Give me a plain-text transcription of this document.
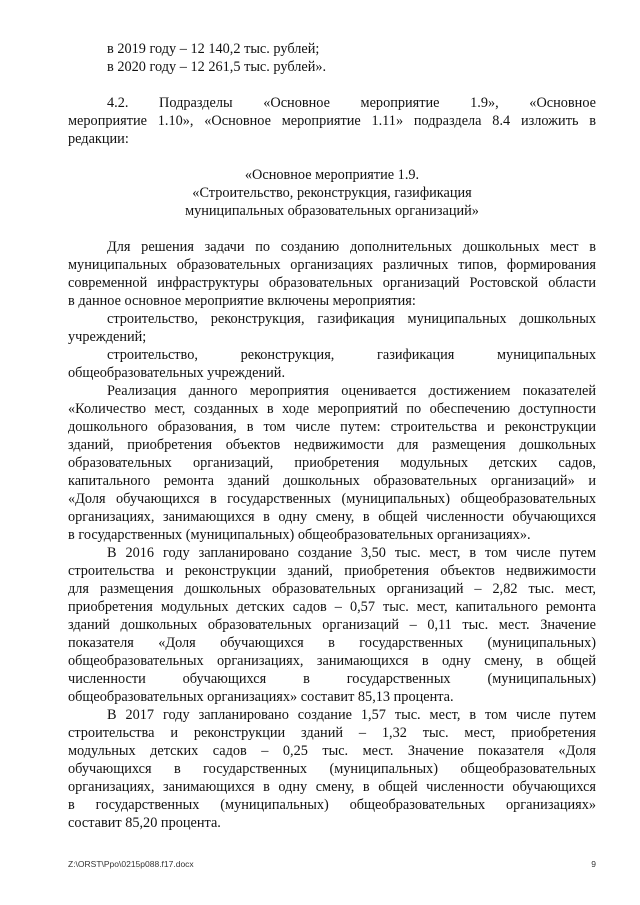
в 2019 году – 12 140,2 тыс. рублей;
в 2020 году – 12 261,5 тыс. рублей».
4.2. Подразделы «Основное мероприятие 1.9», «Основное
мероприятие 1.10», «Основное мероприятие 1.11» подраздела 8.4 изложить в
редакции:
«Основное мероприятие 1.9.
«Строительство, реконструкция, газификация
муниципальных образовательных организаций»
Для решения задачи по созданию дополнительных дошкольных мест в
муниципальных образовательных организациях различных типов, формирования
современной инфраструктуры образовательных организаций Ростовской области
в данное основное мероприятие включены мероприятия:
строительство, реконструкция, газификация муниципальных дошкольных
учреждений;
строительство, реконструкция, газификация муниципальных
общеобразовательных учреждений.
Реализация данного мероприятия оценивается достижением показателей
«Количество мест, созданных в ходе мероприятий по обеспечению доступности
дошкольного образования, в том числе путем: строительства и реконструкции
зданий, приобретения объектов недвижимости для размещения дошкольных
образовательных организаций, приобретения модульных детских садов,
капитального ремонта зданий дошкольных образовательных организаций» и
«Доля обучающихся в государственных (муниципальных) общеобразовательных
организациях, занимающихся в одну смену, в общей численности обучающихся
в государственных (муниципальных) общеобразовательных организациях».
В 2016 году запланировано создание 3,50 тыс. мест, в том числе путем
строительства и реконструкции зданий, приобретения объектов недвижимости
для размещения дошкольных образовательных организаций – 2,82 тыс. мест,
приобретения модульных детских садов – 0,57 тыс. мест, капитального ремонта
зданий дошкольных образовательных организаций – 0,11 тыс. мест. Значение
показателя «Доля обучающихся в государственных (муниципальных)
общеобразовательных организациях, занимающихся в одну смену, в общей
численности обучающихся в государственных (муниципальных)
общеобразовательных организациях» составит 85,13 процента.
В 2017 году запланировано создание 1,57 тыс. мест, в том числе путем
строительства и реконструкции зданий – 1,32 тыс. мест, приобретения
модульных детских садов – 0,25 тыс. мест. Значение показателя «Доля
обучающихся в государственных (муниципальных) общеобразовательных
организациях, занимающихся в одну смену, в общей численности обучающихся
в государственных (муниципальных) общеобразовательных организациях»
составит 85,20 процента.
Z:\ORST\Ppo\0215p088.f17.docx	9
